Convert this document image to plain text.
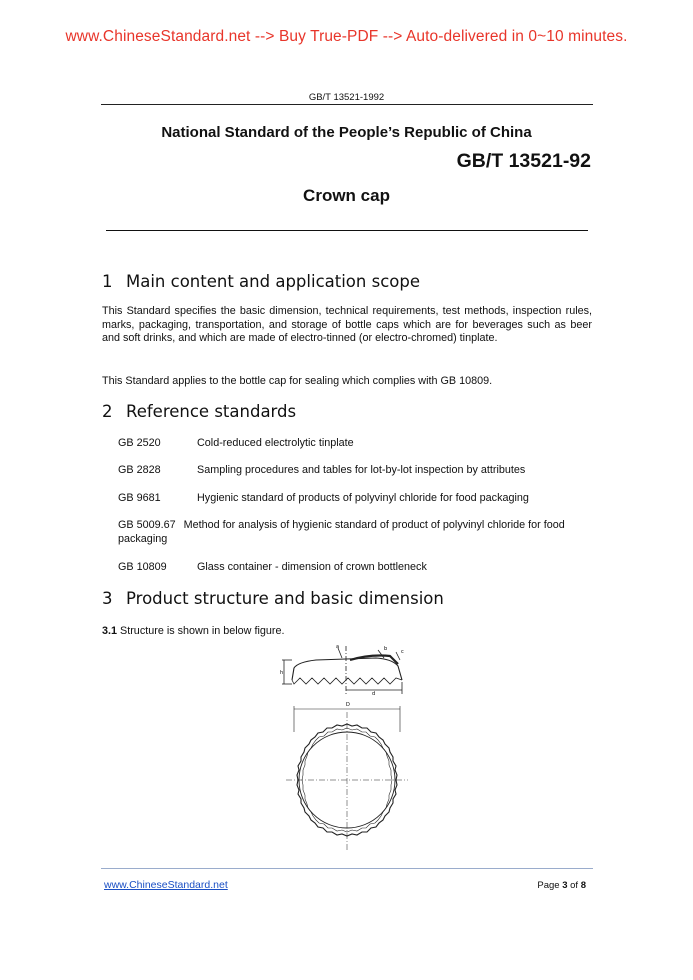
www.ChineseStandard.net --> Buy True-PDF --> Auto-delivered in 0~10 minutes.
GB/T 13521-1992
National Standard of the People’s Republic of China
GB/T 13521-92
Crown cap
1 Main content and application scope
This Standard specifies the basic dimension, technical requirements, test methods, inspection rules, marks, packaging, transportation, and storage of bottle caps which are for beverages such as beer and soft drinks, and which are made of electro-tinned (or electro-chromed) tinplate.
This Standard applies to the bottle cap for sealing which complies with GB 10809.
2 Reference standards
GB 2520	Cold-reduced electrolytic tinplate
GB 2828	Sampling procedures and tables for lot-by-lot inspection by attributes
GB 9681	Hygienic standard of products of polyvinyl chloride for food packaging
GB 5009.67 Method for analysis of hygienic standard of product of polyvinyl chloride for food packaging
GB 10809	Glass container - dimension of crown bottleneck
3 Product structure and basic dimension
3.1 Structure is shown in below figure.
a	b	c
h
d
D
www.ChineseStandard.net	Page 3 of 8
